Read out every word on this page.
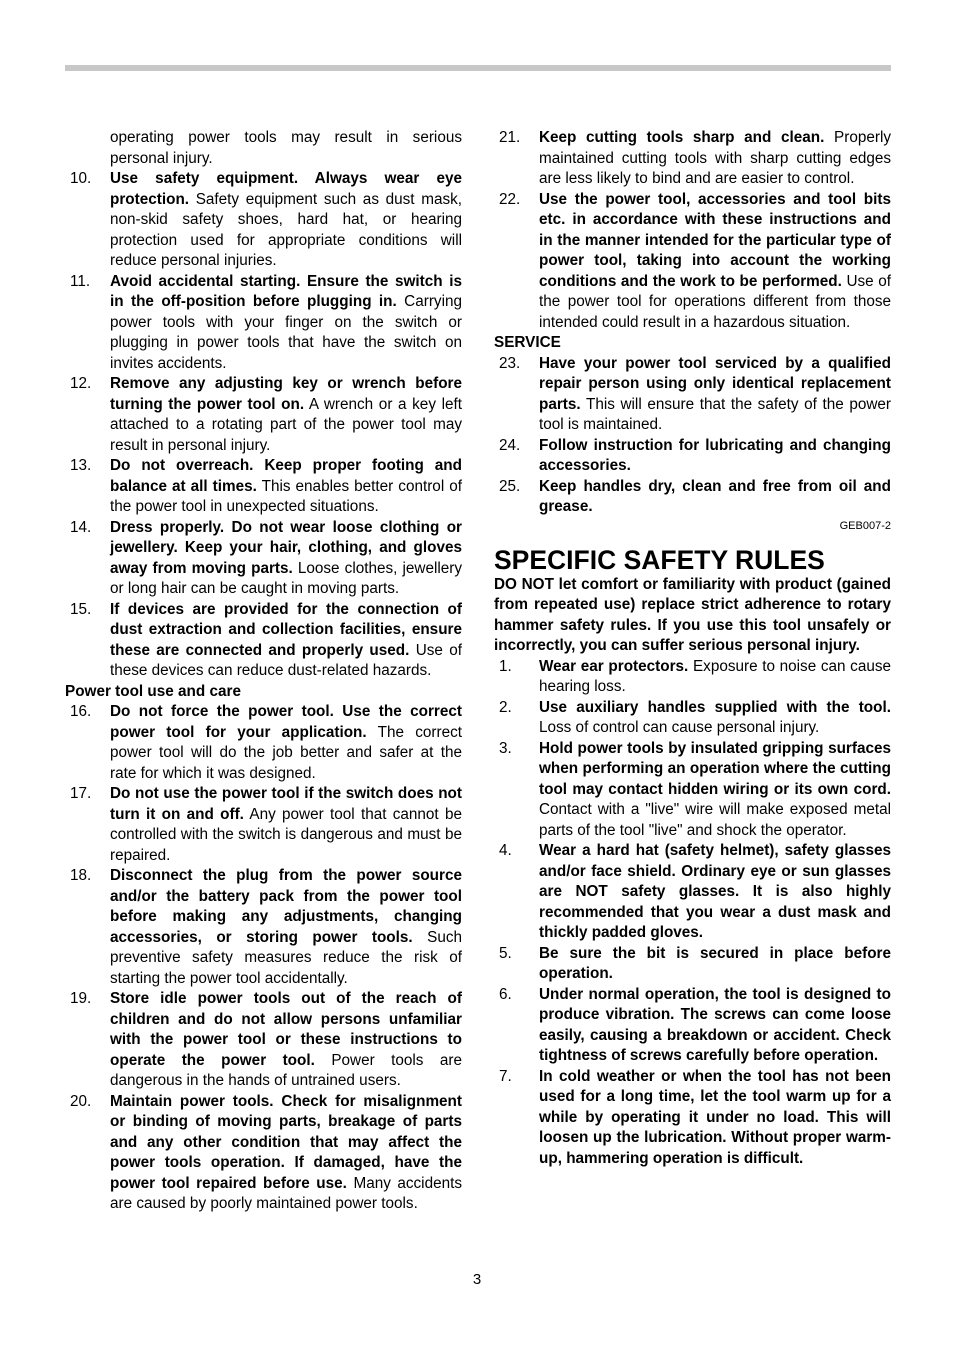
operating power tools may result in serious personal injury.
10. Use safety equipment. Always wear eye protection. Safety equipment such as dust mask, non-skid safety shoes, hard hat, or hearing protection used for appropriate conditions will reduce personal injuries.
11. Avoid accidental starting. Ensure the switch is in the off-position before plugging in. Carrying power tools with your finger on the switch or plugging in power tools that have the switch on invites accidents.
12. Remove any adjusting key or wrench before turning the power tool on. A wrench or a key left attached to a rotating part of the power tool may result in personal injury.
13. Do not overreach. Keep proper footing and balance at all times. This enables better control of the power tool in unexpected situations.
14. Dress properly. Do not wear loose clothing or jewellery. Keep your hair, clothing, and gloves away from moving parts. Loose clothes, jewellery or long hair can be caught in moving parts.
15. If devices are provided for the connection of dust extraction and collection facilities, ensure these are connected and properly used. Use of these devices can reduce dust-related hazards.
Power tool use and care
16. Do not force the power tool. Use the correct power tool for your application. The correct power tool will do the job better and safer at the rate for which it was designed.
17. Do not use the power tool if the switch does not turn it on and off. Any power tool that cannot be controlled with the switch is dangerous and must be repaired.
18. Disconnect the plug from the power source and/or the battery pack from the power tool before making any adjustments, changing accessories, or storing power tools. Such preventive safety measures reduce the risk of starting the power tool accidentally.
19. Store idle power tools out of the reach of children and do not allow persons unfamiliar with the power tool or these instructions to operate the power tool. Power tools are dangerous in the hands of untrained users.
20. Maintain power tools. Check for misalignment or binding of moving parts, breakage of parts and any other condition that may affect the power tools operation. If damaged, have the power tool repaired before use. Many accidents are caused by poorly maintained power tools.
21. Keep cutting tools sharp and clean. Properly maintained cutting tools with sharp cutting edges are less likely to bind and are easier to control.
22. Use the power tool, accessories and tool bits etc. in accordance with these instructions and in the manner intended for the particular type of power tool, taking into account the working conditions and the work to be performed. Use of the power tool for operations different from those intended could result in a hazardous situation.
SERVICE
23. Have your power tool serviced by a qualified repair person using only identical replacement parts. This will ensure that the safety of the power tool is maintained.
24. Follow instruction for lubricating and changing accessories.
25. Keep handles dry, clean and free from oil and grease.
GEB007-2
SPECIFIC SAFETY RULES
DO NOT let comfort or familiarity with product (gained from repeated use) replace strict adherence to rotary hammer safety rules. If you use this tool unsafely or incorrectly, you can suffer serious personal injury.
1. Wear ear protectors. Exposure to noise can cause hearing loss.
2. Use auxiliary handles supplied with the tool. Loss of control can cause personal injury.
3. Hold power tools by insulated gripping surfaces when performing an operation where the cutting tool may contact hidden wiring or its own cord. Contact with a "live" wire will make exposed metal parts of the tool "live" and shock the operator.
4. Wear a hard hat (safety helmet), safety glasses and/or face shield. Ordinary eye or sun glasses are NOT safety glasses. It is also highly recommended that you wear a dust mask and thickly padded gloves.
5. Be sure the bit is secured in place before operation.
6. Under normal operation, the tool is designed to produce vibration. The screws can come loose easily, causing a breakdown or accident. Check tightness of screws carefully before operation.
7. In cold weather or when the tool has not been used for a long time, let the tool warm up for a while by operating it under no load. This will loosen up the lubrication. Without proper warm-up, hammering operation is difficult.
3
